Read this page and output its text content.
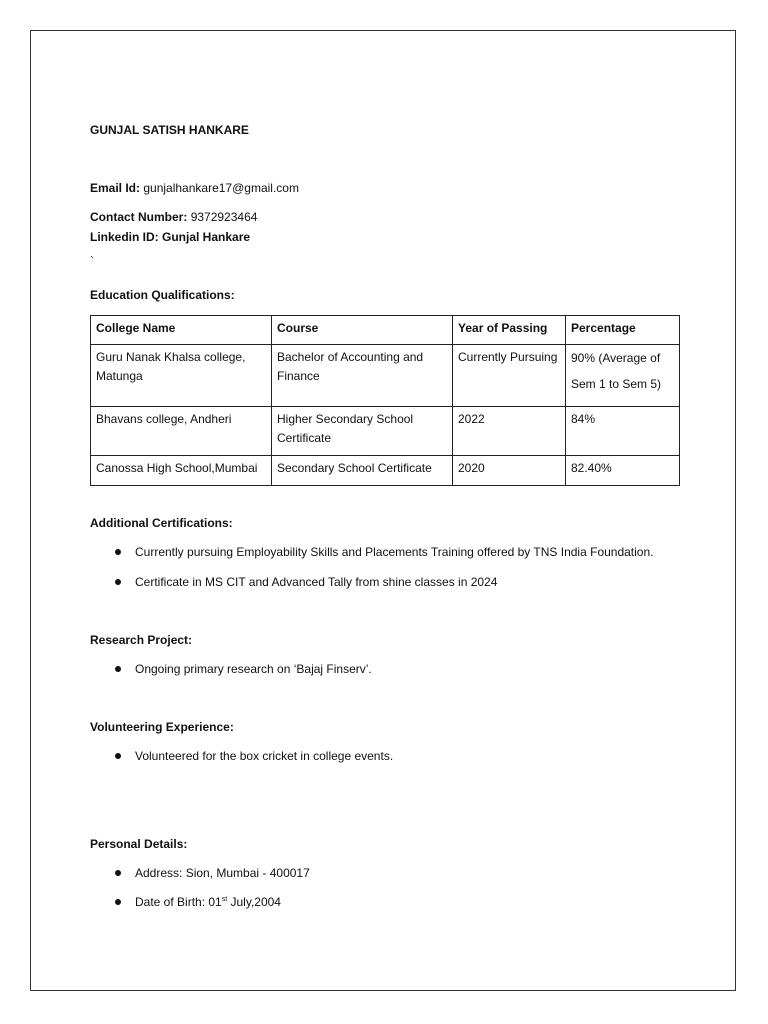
GUNJAL SATISH HANKARE
Email Id: gunjalhankare17@gmail.com
Contact Number: 9372923464
Linkedin ID: Gunjal Hankare
`
Education Qualifications:
College Name	Course	Year of Passing	Percentage
Guru Nanak Khalsa college, Matunga	Bachelor of Accounting and Finance	Currently Pursuing	90% (Average of Sem 1 to Sem 5)
Bhavans college, Andheri	Higher Secondary School Certificate	2022	84%
Canossa High School,Mumbai	Secondary School Certificate	2020	82.40%
Additional Certifications:
Currently pursuing Employability Skills and Placements Training offered by TNS India Foundation.
Certificate in MS CIT and Advanced Tally from shine classes in 2024
Research Project:
Ongoing primary research on ‘Bajaj Finserv’.
Volunteering Experience:
Volunteered for the box cricket in college events.
Personal Details:
Address: Sion, Mumbai - 400017
Date of Birth: 01st July,2004
